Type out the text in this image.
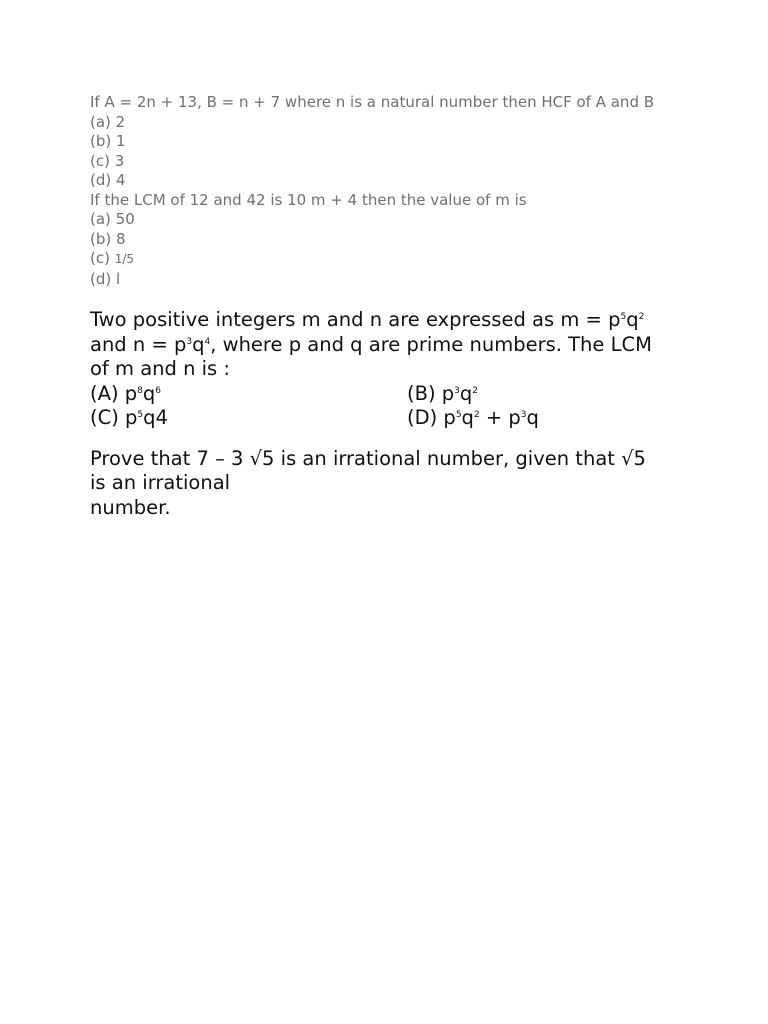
If A = 2n + 13, B = n + 7 where n is a natural number then HCF of A and B
(a) 2
(b) 1
(c) 3
(d) 4
If the LCM of 12 and 42 is 10 m + 4 then the value of m is
(a) 50
(b) 8
(c) 1/5
(d) l

Two positive integers m and n are expressed as $m = p^5q^2$
and $n = p^3q^4$, where p and q are prime numbers. The LCM
of m and n is :

(A) $p^8q^6$	(B) $p^3q^2$
(C) $p^5q4$	(D) $p^5q^2 + p^3q$

Prove that 7 – 3 √5 is an irrational number, given that √5
is an irrational
number.
